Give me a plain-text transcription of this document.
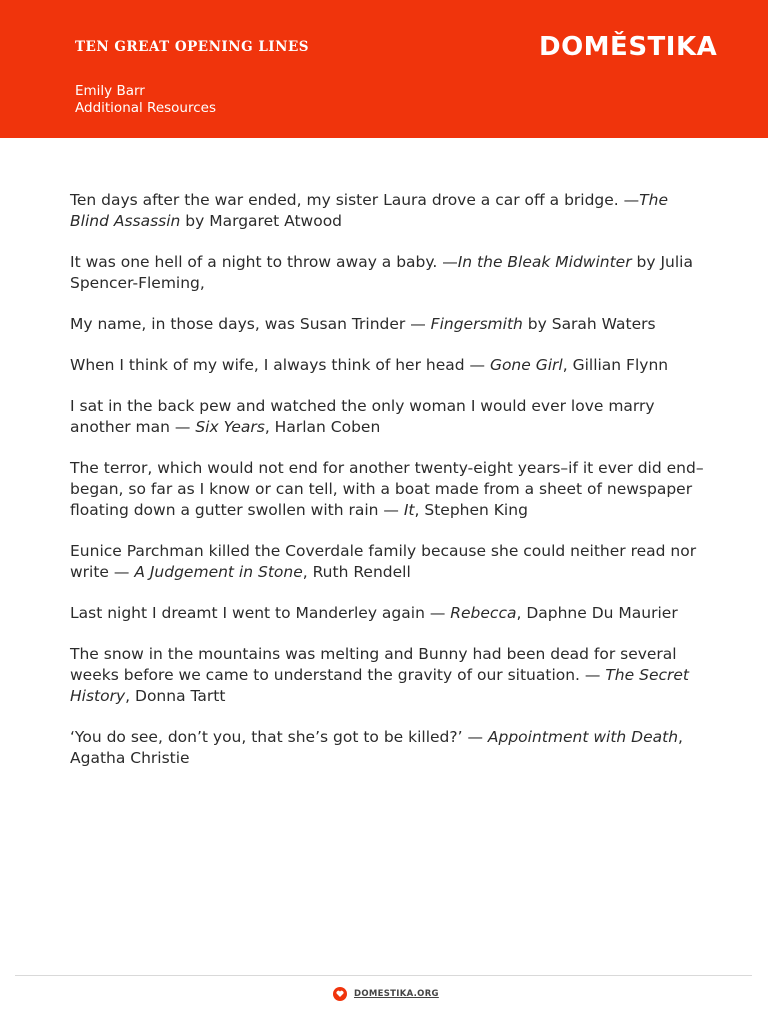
TEN GREAT OPENING LINES
Emily Barr
Additional Resources
DOMĚSTIKA

Ten days after the war ended, my sister Laura drove a car off a bridge. —The Blind Assassin by Margaret Atwood

It was one hell of a night to throw away a baby. —In the Bleak Midwinter by Julia Spencer-Fleming,

My name, in those days, was Susan Trinder — Fingersmith by Sarah Waters

When I think of my wife, I always think of her head — Gone Girl, Gillian Flynn

I sat in the back pew and watched the only woman I would ever love marry another man — Six Years, Harlan Coben

The terror, which would not end for another twenty-eight years–if it ever did end–began, so far as I know or can tell, with a boat made from a sheet of newspaper floating down a gutter swollen with rain — It, Stephen King

Eunice Parchman killed the Coverdale family because she could neither read nor write — A Judgement in Stone, Ruth Rendell

Last night I dreamt I went to Manderley again — Rebecca, Daphne Du Maurier

The snow in the mountains was melting and Bunny had been dead for several weeks before we came to understand the gravity of our situation. — The Secret History, Donna Tartt

‘You do see, don’t you, that she’s got to be killed?’ — Appointment with Death, Agatha Christie

DOMESTIKA.ORG
